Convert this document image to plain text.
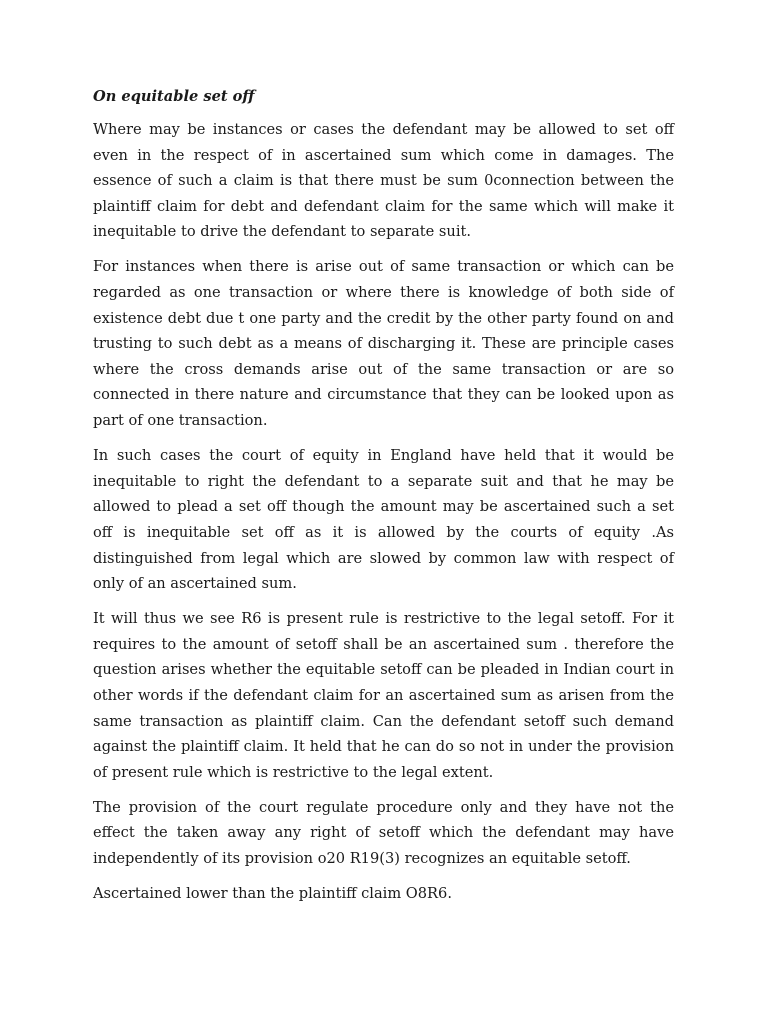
On equitable set off

Where may be instances or cases the defendant may be allowed to set off even in the respect of in ascertained sum which come in damages. The essence of such a claim is that there must be sum 0connection between the plaintiff claim for debt and defendant claim for the same which will make it inequitable to drive the defendant to separate suit.

For instances when there is arise out of same transaction or which can be regarded as one transaction or where there is knowledge of both side of existence debt due t one party and the credit by the other party found on and trusting to such debt as a means of discharging it. These are principle cases where the cross demands arise out of the same transaction or are so connected in there nature and circumstance that they can be looked upon as part of one transaction.

In such cases the court of equity in England have held that it would be inequitable to right the defendant to a separate suit and that he may be allowed to plead a set off though the amount may be ascertained such a set off is inequitable set off as it is allowed by the courts of equity .As distinguished from legal which are slowed by common law with respect of only of an ascertained sum.

It will thus we see R6 is present rule is restrictive to the legal setoff. For it requires to the amount of setoff shall be an ascertained sum . therefore the question arises whether the equitable setoff can be pleaded in Indian court in other words if the defendant claim for an ascertained sum as arisen from the same transaction as plaintiff claim. Can the defendant setoff such demand against the plaintiff claim. It held that he can do so not in under the provision of present rule which is restrictive to the legal extent.

The provision of the court regulate procedure only and they have not the effect the taken away any right of setoff which the defendant may have independently of its provision o20 R19(3) recognizes an equitable setoff.

Ascertained lower than the plaintiff claim O8R6.
